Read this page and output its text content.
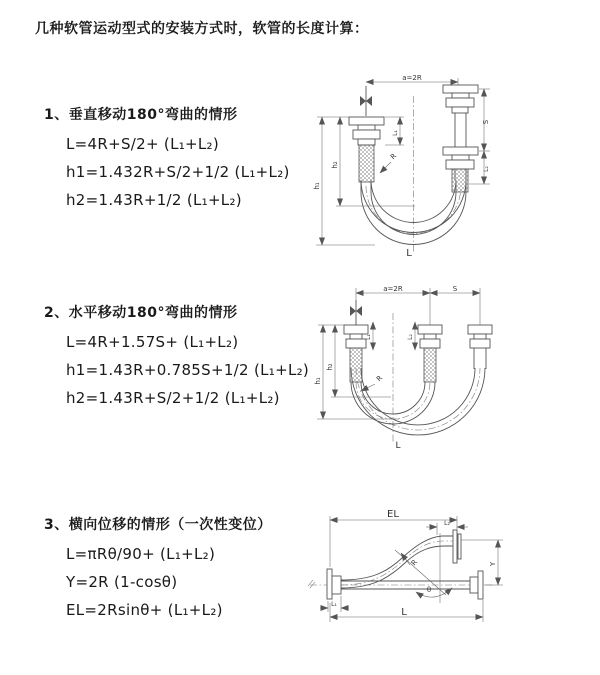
几种软管运动型式的安装方式时，软管的长度计算：
1、垂直移动180°弯曲的情形
L=4R+S/2+ (L₁+L₂)
h1=1.432R+S/2+1/2 (L₁+L₂)
h2=1.43R+1/2 (L₁+L₂)
a=2R
L₁
S
L₂
h₁
h₂
R
L
2、水平移动180°弯曲的情形
L=4R+1.57S+ (L₁+L₂)
h1=1.43R+0.785S+1/2 (L₁+L₂)
h2=1.43R+S/2+1/2 (L₁+L₂)
a=2R	S
L₁	L₂
h₁
h₂
R
L
3、横向位移的情形（一次性变位）
L=πRθ/90+ (L₁+L₂)
Y=2R (1-cosθ)
EL=2Rsinθ+ (L₁+L₂)
EL
L₂
Y
R
θ
L₁
L
